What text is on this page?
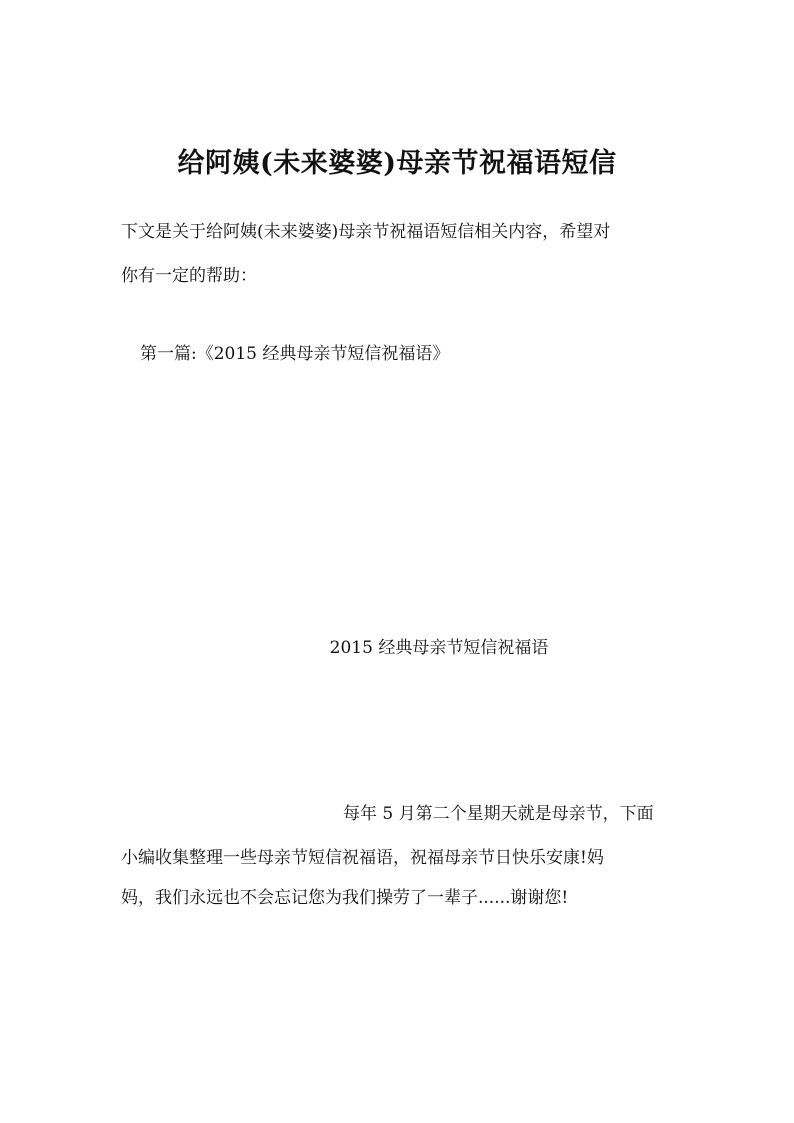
给阿姨(未来婆婆)母亲节祝福语短信

下文是关于给阿姨(未来婆婆)母亲节祝福语短信相关内容，希望对

你有一定的帮助：

第一篇:《2015 经典母亲节短信祝福语》

2015 经典母亲节短信祝福语

每年 5 月第二个星期天就是母亲节，下面

小编收集整理一些母亲节短信祝福语，祝福母亲节日快乐安康!妈

妈，我们永远也不会忘记您为我们操劳了一辈子......谢谢您!
